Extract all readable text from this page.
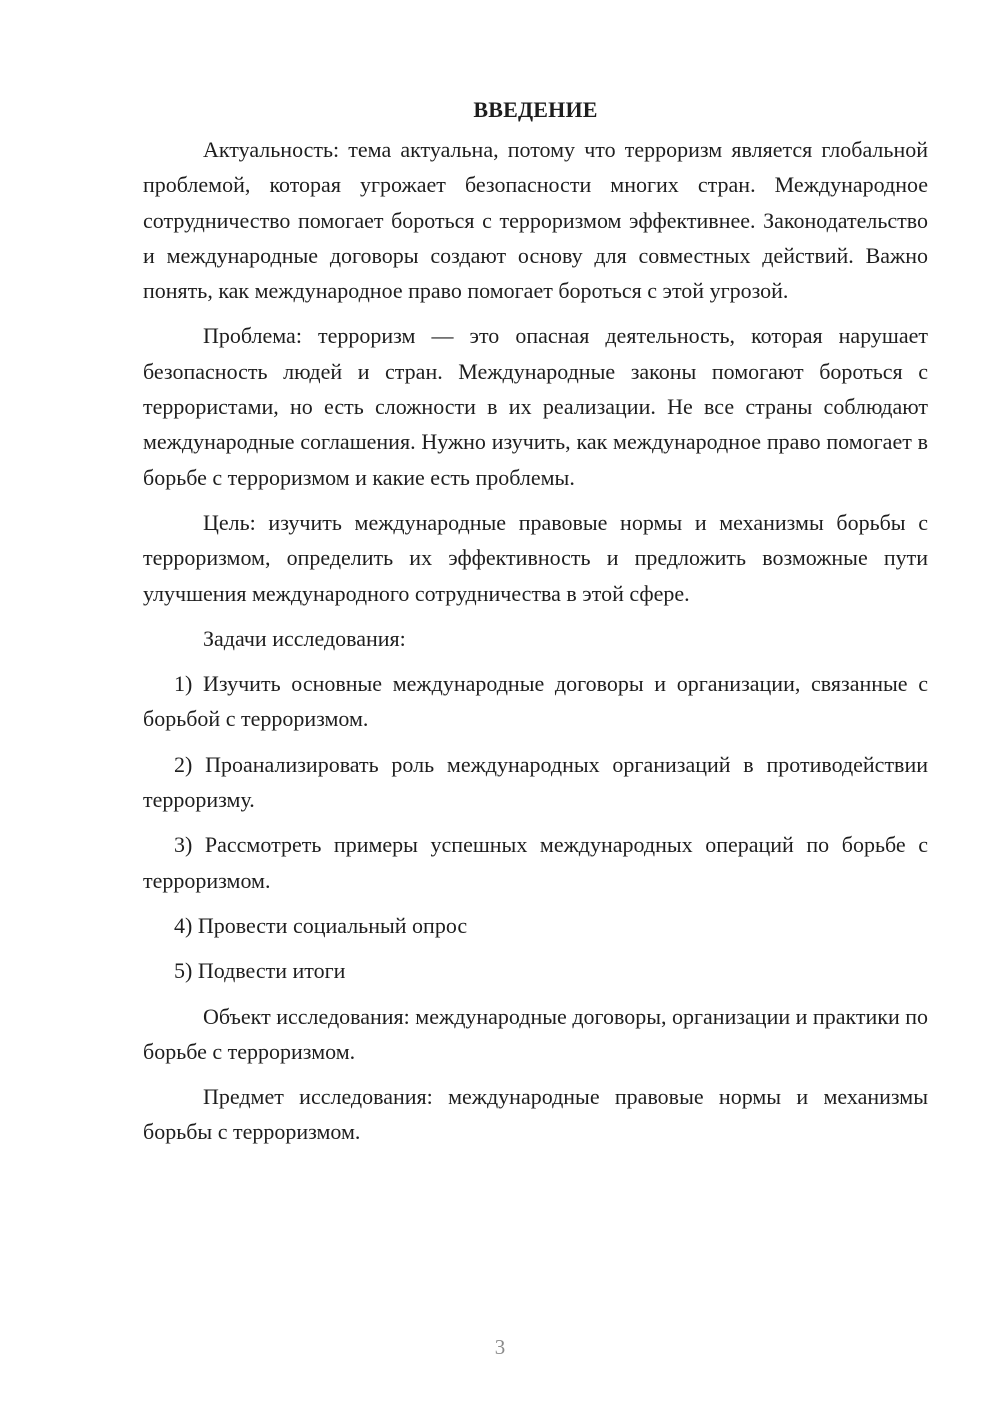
ВВЕДЕНИЕ

Актуальность: тема актуальна, потому что терроризм является глобальной проблемой, которая угрожает безопасности многих стран. Международное сотрудничество помогает бороться с терроризмом эффективнее. Законодательство и международные договоры создают основу для совместных действий. Важно понять, как международное право помогает бороться с этой угрозой.

Проблема: терроризм — это опасная деятельность, которая нарушает безопасность людей и стран. Международные законы помогают бороться с террористами, но есть сложности в их реализации. Не все страны соблюдают международные соглашения. Нужно изучить, как международное право помогает в борьбе с терроризмом и какие есть проблемы.

Цель: изучить международные правовые нормы и механизмы борьбы с терроризмом, определить их эффективность и предложить возможные пути улучшения международного сотрудничества в этой сфере.

Задачи исследования:

1) Изучить основные международные договоры и организации, связанные с борьбой с терроризмом.

2) Проанализировать роль международных организаций в противодействии терроризму.

3) Рассмотреть примеры успешных международных операций по борьбе с терроризмом.

4) Провести социальный опрос

5) Подвести итоги

Объект исследования: международные договоры, организации и практики по борьбе с терроризмом.

Предмет исследования: международные правовые нормы и механизмы борьбы с терроризмом.

3
